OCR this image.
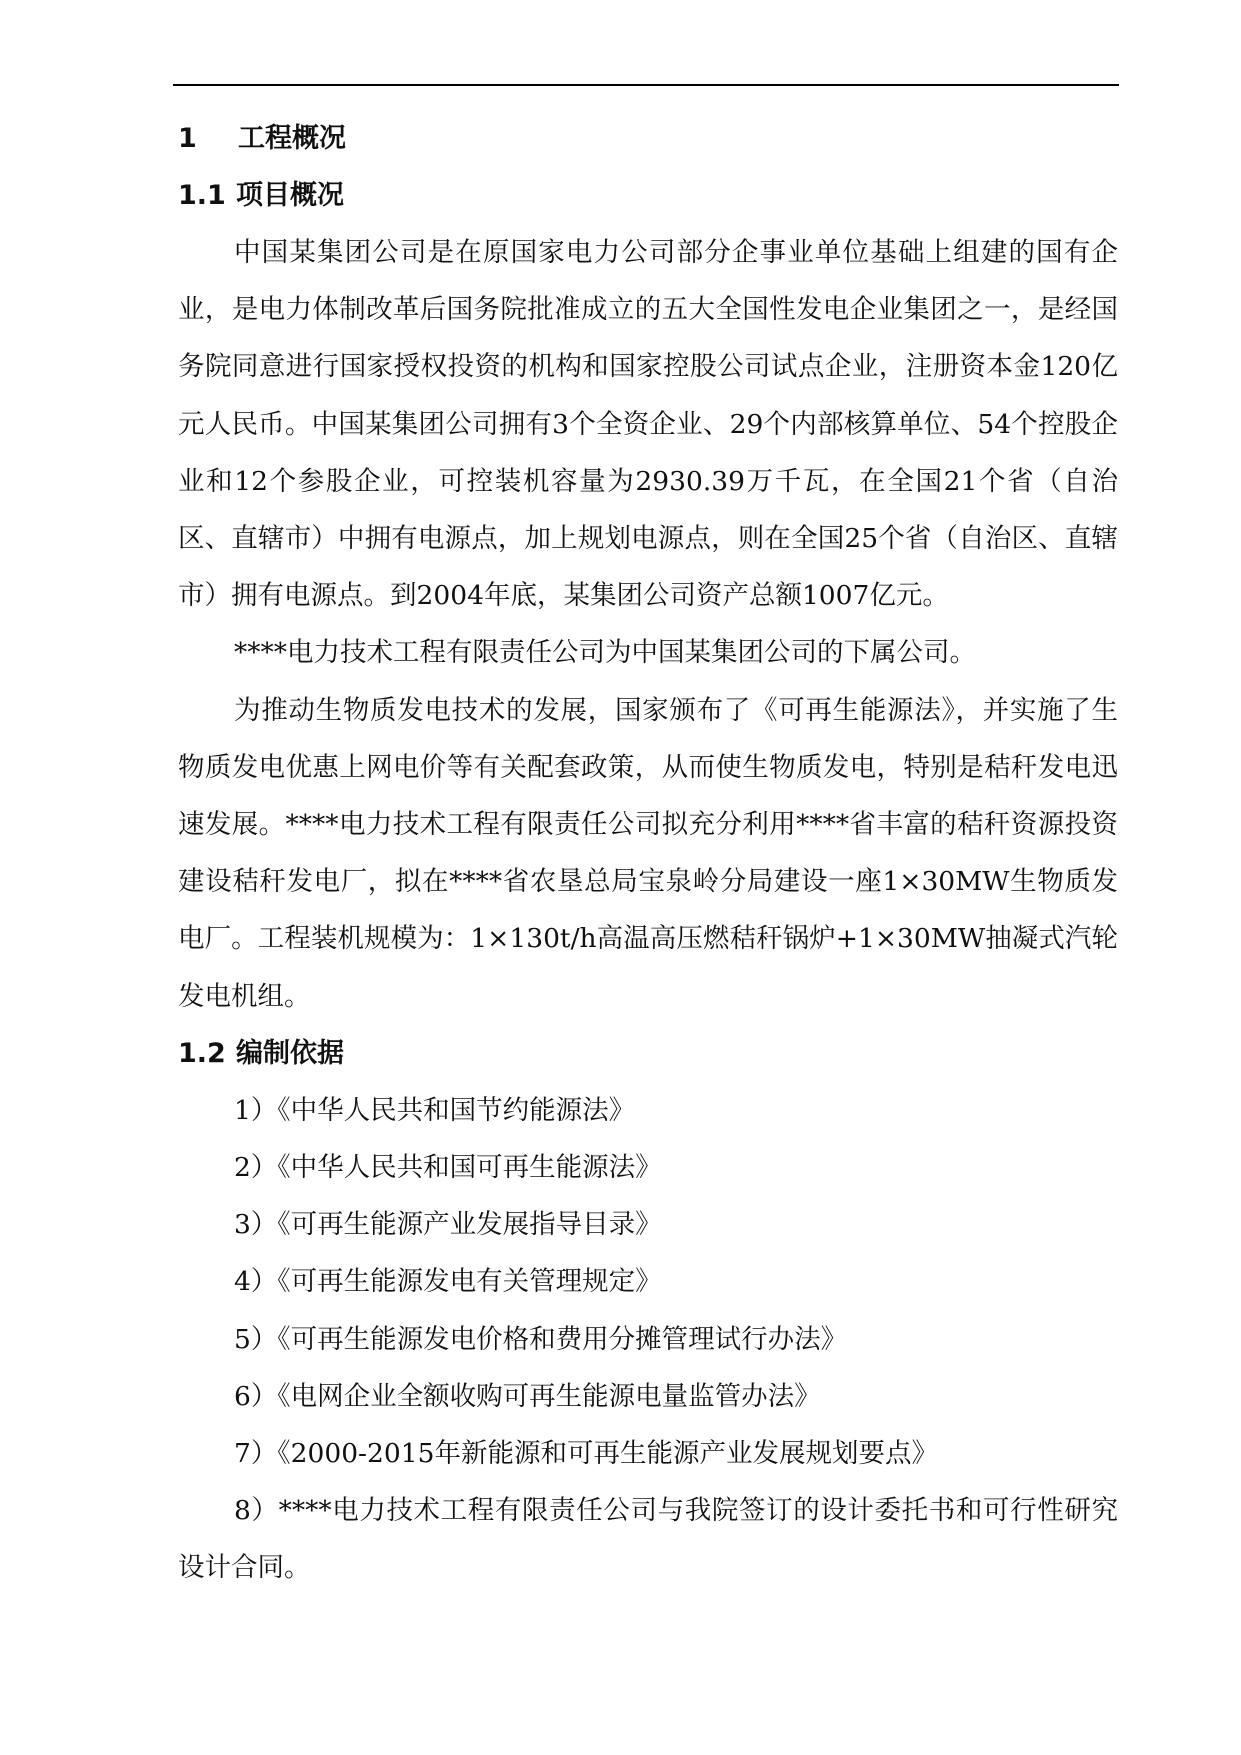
1 工程概况
1.1 项目概况

中国某集团公司是在原国家电力公司部分企事业单位基础上组建的国有企业，是电力体制改革后国务院批准成立的五大全国性发电企业集团之一，是经国务院同意进行国家授权投资的机构和国家控股公司试点企业，注册资本金120亿元人民币。中国某集团公司拥有3个全资企业、29个内部核算单位、54个控股企业和12个参股企业，可控装机容量为2930.39万千瓦，在全国21个省（自治区、直辖市）中拥有电源点，加上规划电源点，则在全国25个省（自治区、直辖市）拥有电源点。到2004年底，某集团公司资产总额1007亿元。

****电力技术工程有限责任公司为中国某集团公司的下属公司。

为推动生物质发电技术的发展，国家颁布了《可再生能源法》，并实施了生物质发电优惠上网电价等有关配套政策，从而使生物质发电，特别是秸秆发电迅速发展。****电力技术工程有限责任公司拟充分利用****省丰富的秸秆资源投资建设秸秆发电厂，拟在****省农垦总局宝泉岭分局建设一座1×30MW生物质发电厂。工程装机规模为：1×130t/h高温高压燃秸秆锅炉+1×30MW抽凝式汽轮发电机组。

1.2 编制依据

1）《中华人民共和国节约能源法》

2）《中华人民共和国可再生能源法》

3）《可再生能源产业发展指导目录》

4）《可再生能源发电有关管理规定》

5）《可再生能源发电价格和费用分摊管理试行办法》

6）《电网企业全额收购可再生能源电量监管办法》

7）《2000-2015年新能源和可再生能源产业发展规划要点》

8）****电力技术工程有限责任公司与我院签订的设计委托书和可行性研究设计合同。
